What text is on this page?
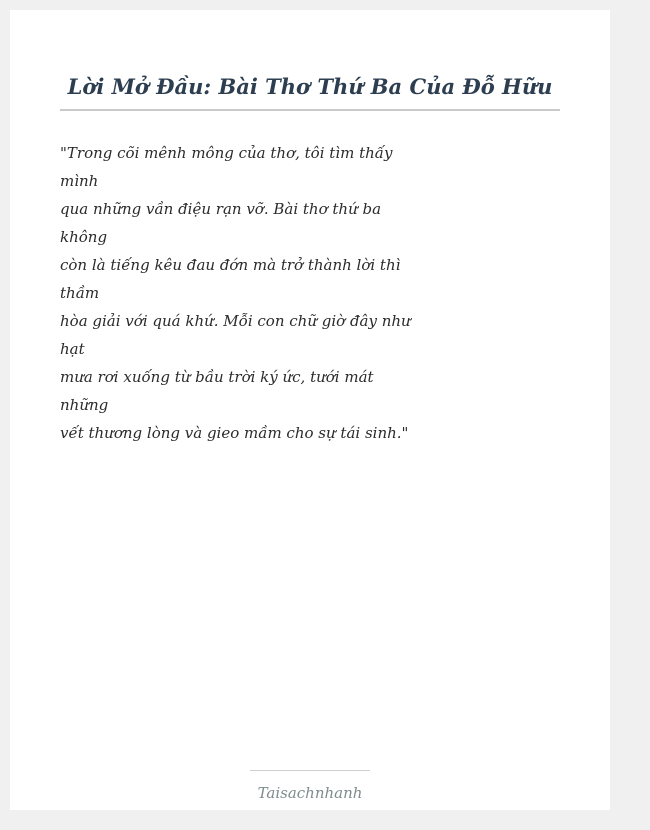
Lời Mở Đầu: Bài Thơ Thứ Ba Của Đỗ Hữu

"Trong cõi mênh mông của thơ, tôi tìm thấy
mình
qua những vần điệu rạn vỡ. Bài thơ thứ ba
không
còn là tiếng kêu đau đớn mà trở thành lời thì
thầm
hòa giải với quá khứ. Mỗi con chữ giờ đây như
hạt
mưa rơi xuống từ bầu trời ký ức, tưới mát
những
vết thương lòng và gieo mầm cho sự tái sinh."

Taisachnhanh
